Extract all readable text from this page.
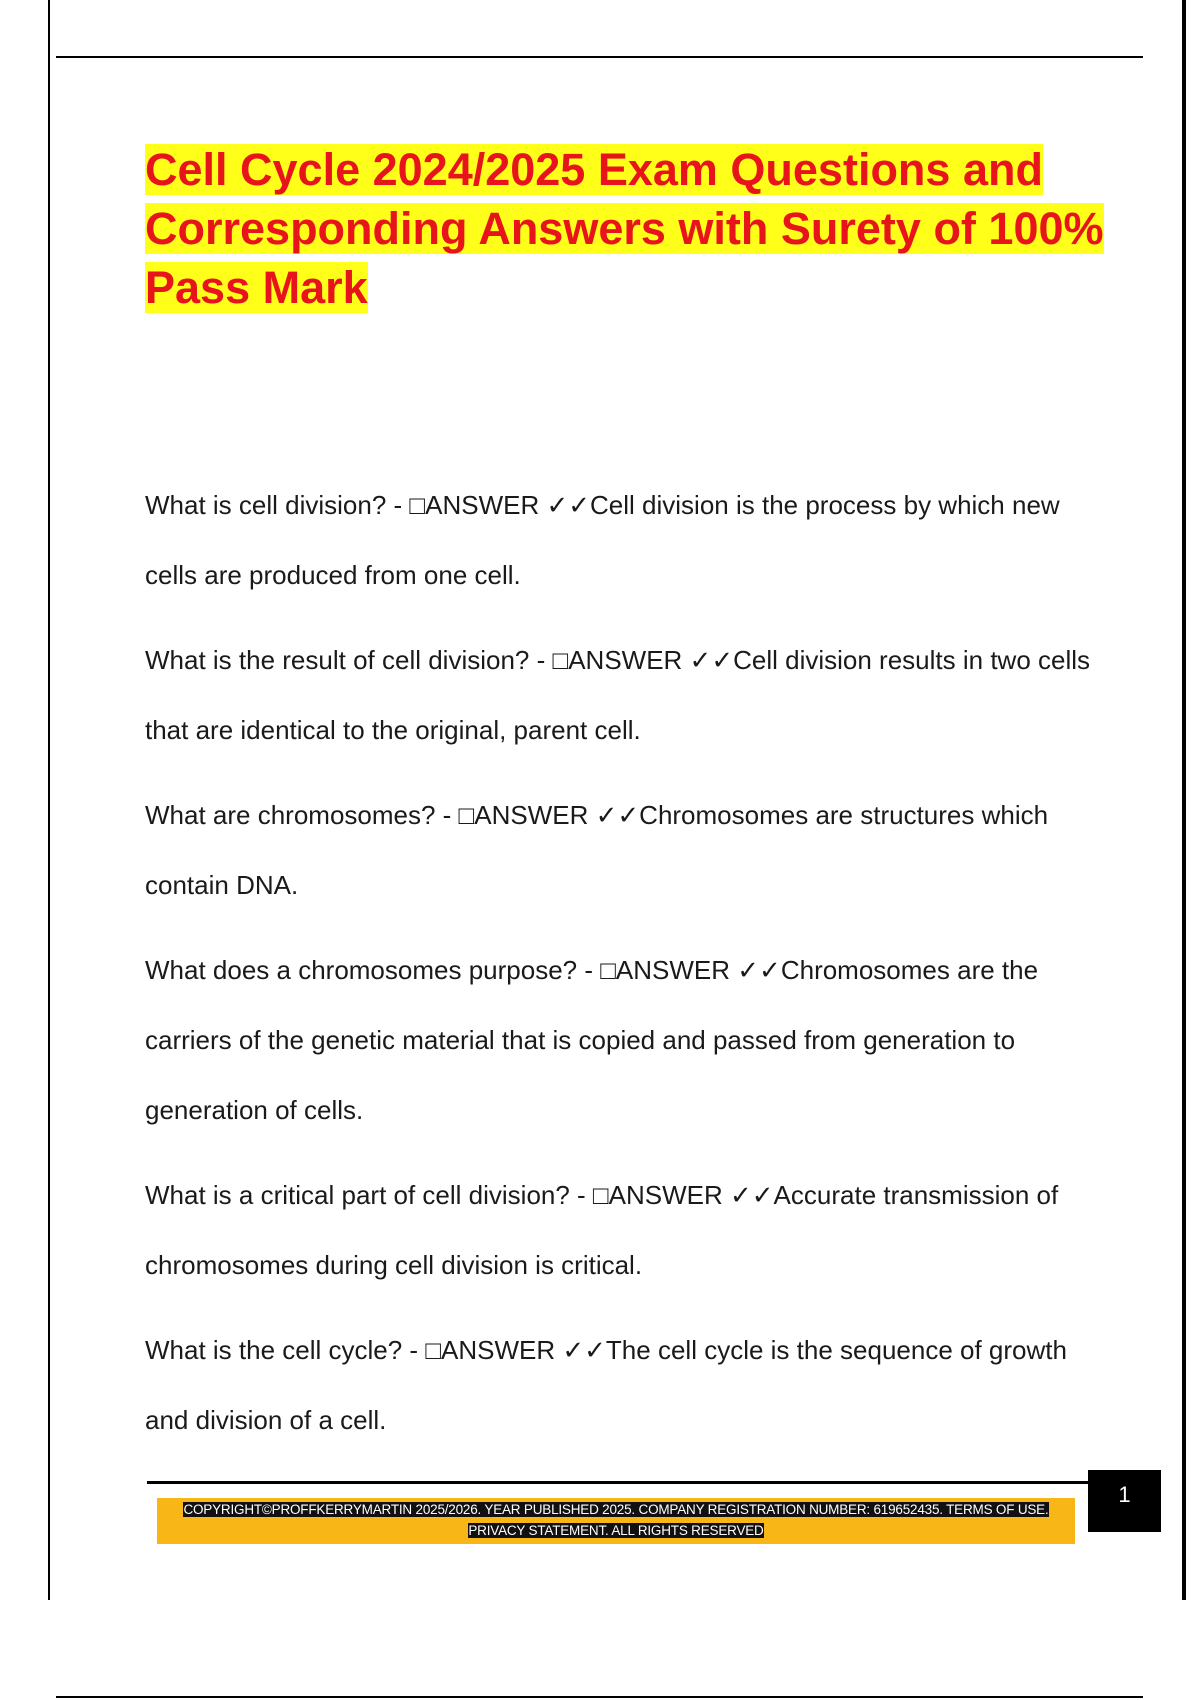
Cell Cycle 2024/2025 Exam Questions and Corresponding Answers with Surety of 100% Pass Mark

What is cell division? - □ANSWER ✓✓Cell division is the process by which new cells are produced from one cell.

What is the result of cell division? - □ANSWER ✓✓Cell division results in two cells that are identical to the original, parent cell.

What are chromosomes? - □ANSWER ✓✓Chromosomes are structures which contain DNA.

What does a chromosomes purpose? - □ANSWER ✓✓Chromosomes are the carriers of the genetic material that is copied and passed from generation to generation of cells.

What is a critical part of cell division? - □ANSWER ✓✓Accurate transmission of chromosomes during cell division is critical.

What is the cell cycle? - □ANSWER ✓✓The cell cycle is the sequence of growth and division of a cell.

COPYRIGHT©PROFFKERRYMARTIN 2025/2026. YEAR PUBLISHED 2025. COMPANY REGISTRATION NUMBER: 619652435. TERMS OF USE. PRIVACY STATEMENT. ALL RIGHTS RESERVED
1
